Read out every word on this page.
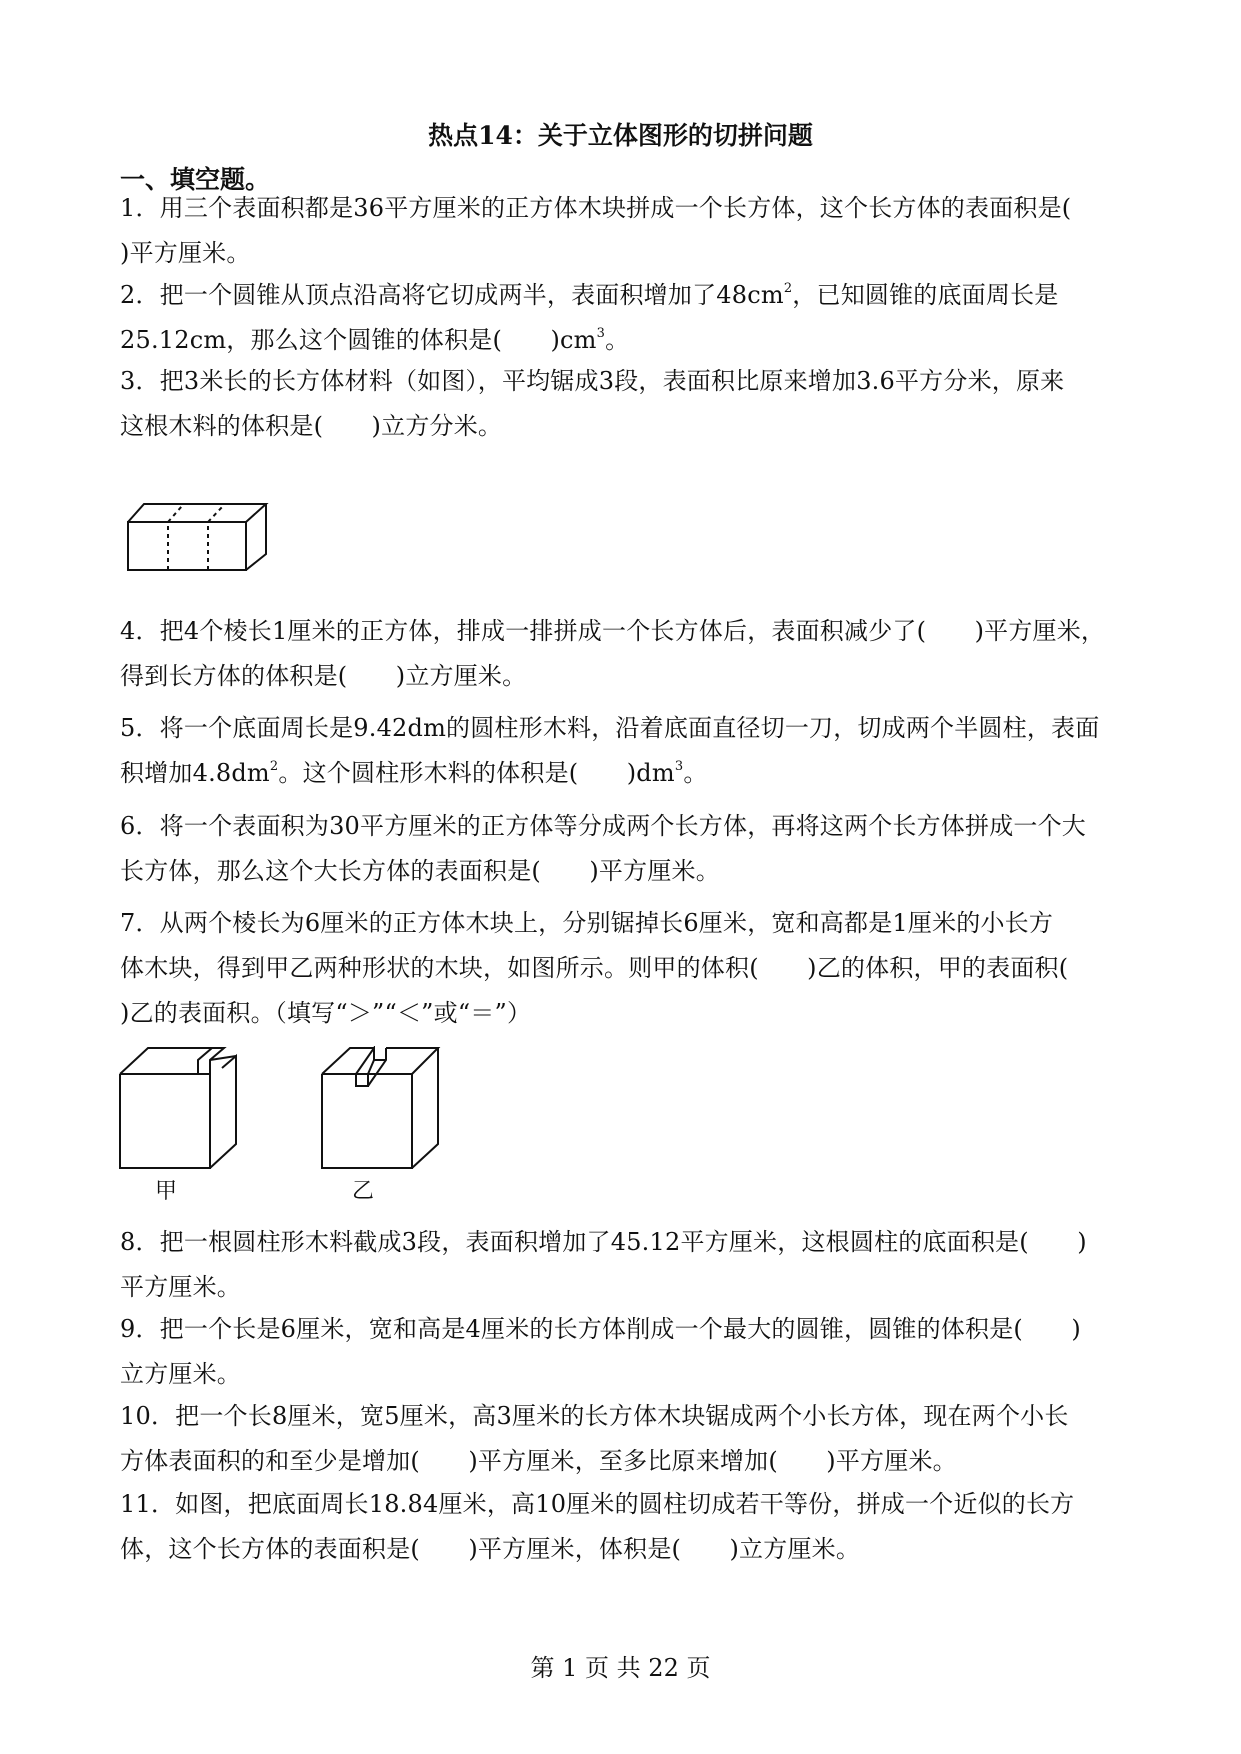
热点14：关于立体图形的切拼问题
一、填空题。
1．用三个表面积都是36平方厘米的正方体木块拼成一个长方体，这个长方体的表面积是(
)平方厘米。
2．把一个圆锥从顶点沿高将它切成两半，表面积增加了$48cm^2$，已知圆锥的底面周长是
25.12cm，那么这个圆锥的体积是(　　)$cm^3$。
3．把3米长的长方体材料（如图），平均锯成3段，表面积比原来增加3.6平方分米，原来
这根木料的体积是(　　)立方分米。
4．把4个棱长1厘米的正方体，排成一排拼成一个长方体后，表面积减少了(　　)平方厘米，
得到长方体的体积是(　　)立方厘米。
5．将一个底面周长是9.42dm的圆柱形木料，沿着底面直径切一刀，切成两个半圆柱，表面
积增加$4.8dm^2$。这个圆柱形木料的体积是(　　)$dm^3$。
6．将一个表面积为30平方厘米的正方体等分成两个长方体，再将这两个长方体拼成一个大
长方体，那么这个大长方体的表面积是(　　)平方厘米。
7．从两个棱长为6厘米的正方体木块上，分别锯掉长6厘米，宽和高都是1厘米的小长方
体木块，得到甲乙两种形状的木块，如图所示。则甲的体积(　　)乙的体积，甲的表面积(
)乙的表面积。（填写“＞”“＜”或“＝”）
甲	乙
8．把一根圆柱形木料截成3段，表面积增加了45.12平方厘米，这根圆柱的底面积是(　　)
平方厘米。
9．把一个长是6厘米，宽和高是4厘米的长方体削成一个最大的圆锥，圆锥的体积是(　　)
立方厘米。
10．把一个长8厘米，宽5厘米，高3厘米的长方体木块锯成两个小长方体，现在两个小长
方体表面积的和至少是增加(　　)平方厘米，至多比原来增加(　　)平方厘米。
11．如图，把底面周长18.84厘米，高10厘米的圆柱切成若干等份，拼成一个近似的长方
体，这个长方体的表面积是(　　)平方厘米，体积是(　　)立方厘米。
第 1 页 共 22 页
